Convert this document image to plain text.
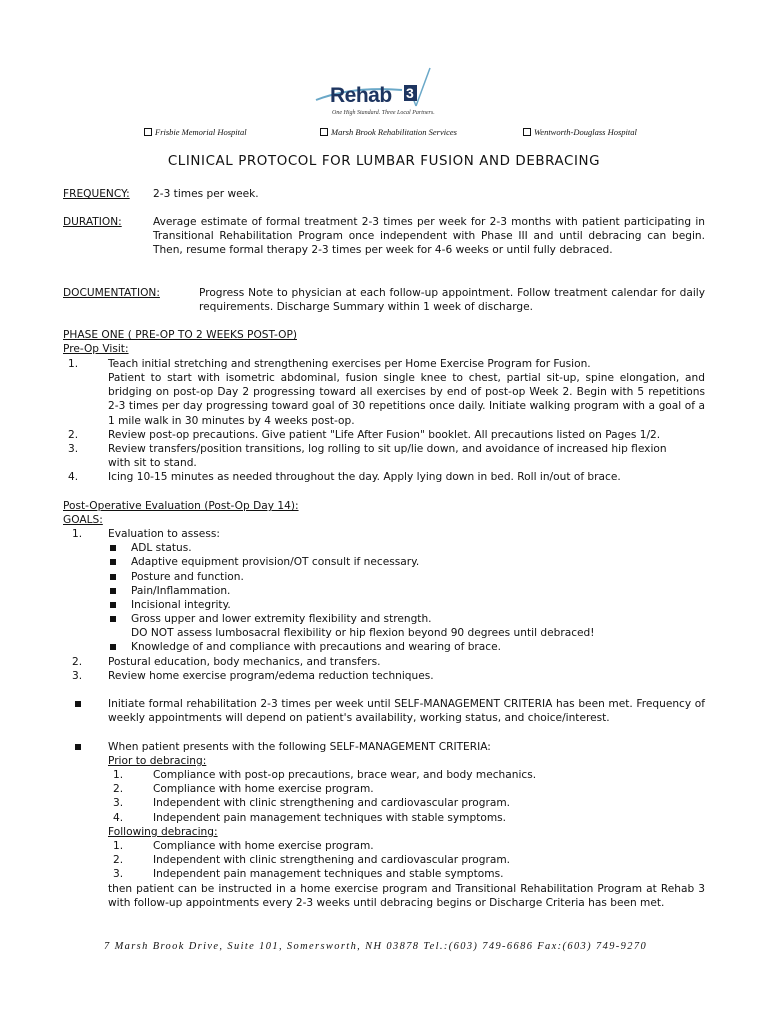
3
Rehab
One High Standard. Three Local Partners.
Frisbie Memorial Hospital	Marsh Brook Rehabilitation Services	Wentworth-Douglass Hospital
CLINICAL PROTOCOL FOR LUMBAR FUSION AND DEBRACING
FREQUENCY: 2-3 times per week.
DURATION:	Average estimate of formal treatment 2-3 times per week for 2-3 months with patient participating in Transitional Rehabilitation Program once independent with Phase III and until debracing can begin. Then, resume formal therapy 2-3 times per week for 4-6 weeks or until fully debraced.
DOCUMENTATION:	Progress Note to physician at each follow-up appointment. Follow treatment calendar for daily requirements. Discharge Summary within 1 week of discharge.
PHASE ONE ( PRE-OP TO 2 WEEKS POST-OP)
Pre-Op Visit:
1.	Teach initial stretching and strengthening exercises per Home Exercise Program for Fusion.
Patient to start with isometric abdominal, fusion single knee to chest, partial sit-up, spine elongation, and bridging on post-op Day 2 progressing toward all exercises by end of post-op Week 2. Begin with 5 repetitions 2-3 times per day progressing toward goal of 30 repetitions once daily. Initiate walking program with a goal of a 1 mile walk in 30 minutes by 4 weeks post-op.
2.	Review post-op precautions. Give patient "Life After Fusion" booklet. All precautions listed on Pages 1/2.
3.	Review transfers/position transitions, log rolling to sit up/lie down, and avoidance of increased hip flexion
with sit to stand.
4.	Icing 10-15 minutes as needed throughout the day. Apply lying down in bed. Roll in/out of brace.
Post-Operative Evaluation (Post-Op Day 14):
GOALS:
1. Evaluation to assess:
ADL status.
Adaptive equipment provision/OT consult if necessary.
Posture and function.
Pain/Inflammation.
Incisional integrity.
Gross upper and lower extremity flexibility and strength.
DO NOT assess lumbosacral flexibility or hip flexion beyond 90 degrees until debraced!
Knowledge of and compliance with precautions and wearing of brace.
2. Postural education, body mechanics, and transfers.
3. Review home exercise program/edema reduction techniques.
Initiate formal rehabilitation 2-3 times per week until SELF-MANAGEMENT CRITERIA has been met. Frequency of weekly appointments will depend on patient's availability, working status, and choice/interest.
When patient presents with the following SELF-MANAGEMENT CRITERIA:
Prior to debracing:
1.	Compliance with post-op precautions, brace wear, and body mechanics.
2.	Compliance with home exercise program.
3.	Independent with clinic strengthening and cardiovascular program.
4.	Independent pain management techniques with stable symptoms.
Following debracing:
1.	Compliance with home exercise program.
2.	Independent with clinic strengthening and cardiovascular program.
3.	Independent pain management techniques and stable symptoms.
then patient can be instructed in a home exercise program and Transitional Rehabilitation Program at Rehab 3 with follow-up appointments every 2-3 weeks until debracing begins or Discharge Criteria has been met.
7 Marsh Brook Drive, Suite 101, Somersworth, NH 03878 Tel.:(603) 749-6686 Fax:(603) 749-9270
